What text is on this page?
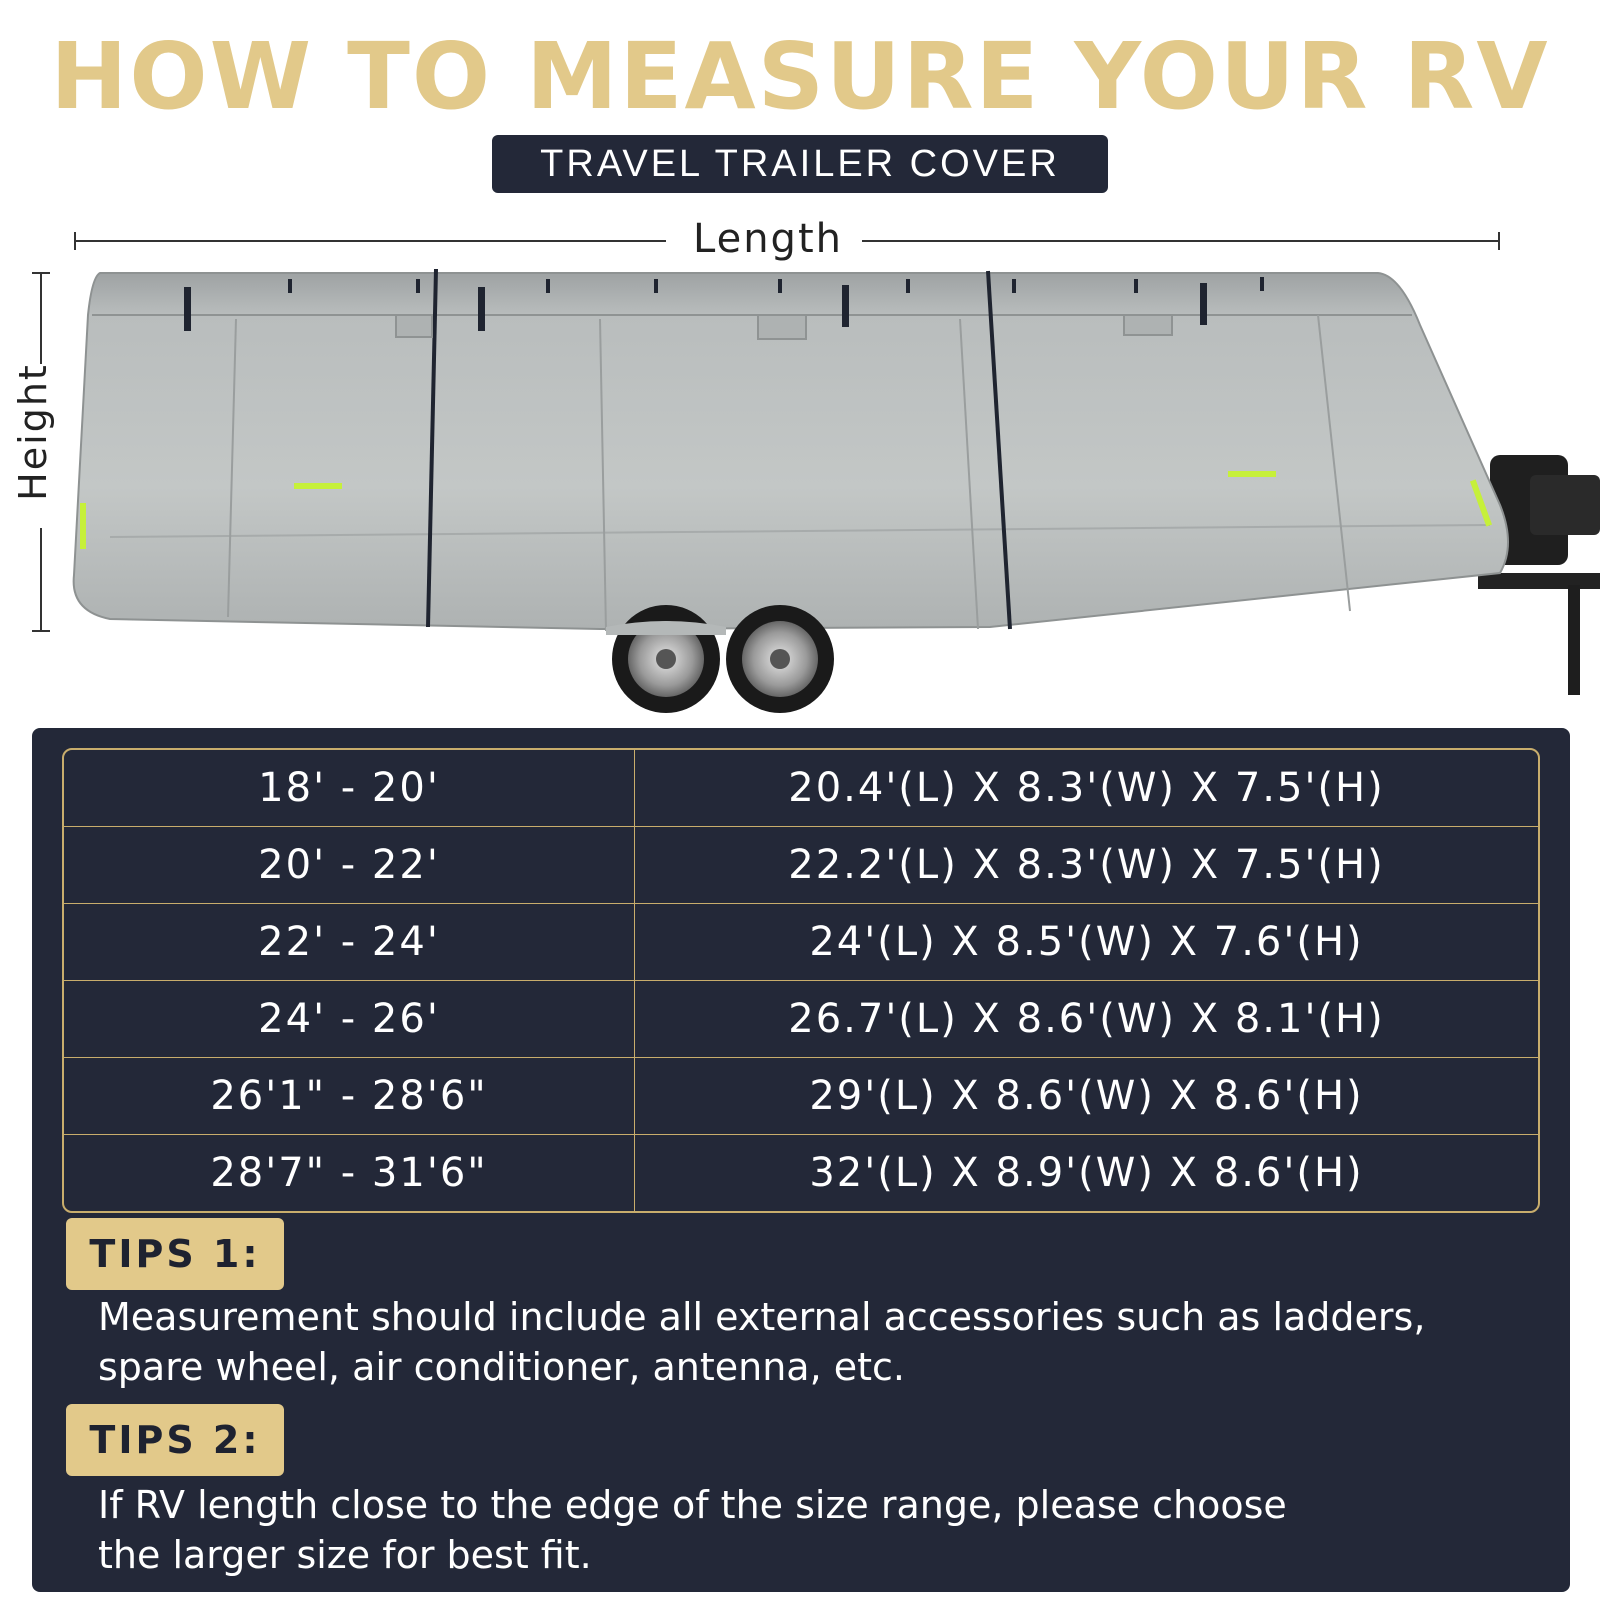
HOW TO MEASURE YOUR RV
TRAVEL TRAILER COVER
Length
Height
18' - 20'	20.4'(L) X 8.3'(W) X 7.5'(H)
20' - 22'	22.2'(L) X 8.3'(W) X 7.5'(H)
22' - 24'	24'(L) X 8.5'(W) X 7.6'(H)
24' - 26'	26.7'(L) X 8.6'(W) X 8.1'(H)
26'1" - 28'6"	29'(L) X 8.6'(W) X 8.6'(H)
28'7" - 31'6"	32'(L) X 8.9'(W) X 8.6'(H)
TIPS 1:
Measurement should include all external accessories such as ladders,
spare wheel, air conditioner, antenna, etc.
TIPS 2:
If RV length close to the edge of the size range, please choose
the larger size for best fit.
